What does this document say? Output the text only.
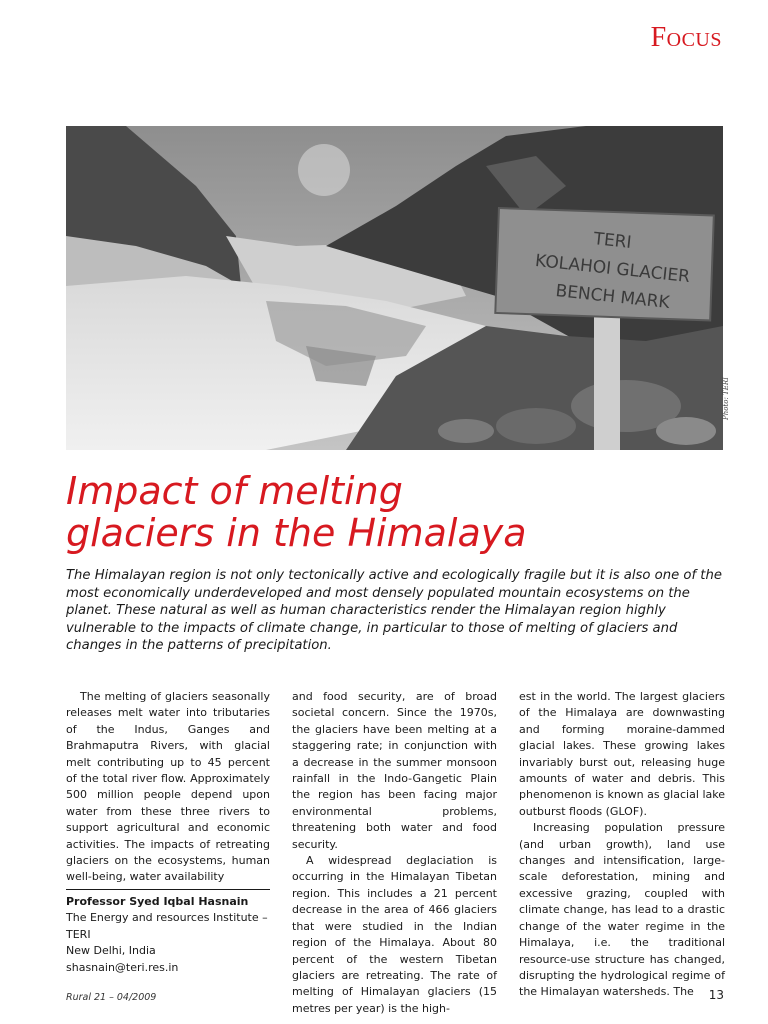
Focus
TERI
KOLAHOI GLACIER
BENCH MARK
Photo: TERI
Impact of melting
glaciers in the Himalaya

The Himalayan region is not only tectonically active and ecologically fragile but it is also one of the most economically underdeveloped and most densely populated mountain ecosystems on the planet. These natural as well as human characteristics render the Himalayan region highly vulnerable to the impacts of climate change, in particular to those of melting of glaciers and changes in the patterns of precipitation.

The melting of glaciers seasonally releases melt water into tributaries of the Indus, Ganges and Brahmaputra Rivers, with glacial melt contributing up to 45 percent of the total river flow. Approximately 500 million people depend upon water from these three rivers to support agricultural and economic activities. The impacts of retreating glaciers on the ecosystems, human well-being, water availability

Professor Syed Iqbal Hasnain
The Energy and resources Institute – TERI
New Delhi, India
shasnain@teri.res.in

and food security, are of broad societal concern. Since the 1970s, the glaciers have been melting at a staggering rate; in conjunction with a decrease in the summer monsoon rainfall in the Indo-Gangetic Plain the region has been facing major environmental problems, threatening both water and food security.

A widespread deglaciation is occurring in the Himalayan Tibetan region. This includes a 21 percent decrease in the area of 466 glaciers that were studied in the Indian region of the Himalaya. About 80 percent of the western Tibetan glaciers are retreating. The rate of melting of Himalayan glaciers (15 metres per year) is the high-

est in the world. The largest glaciers of the Himalaya are downwasting and forming moraine-dammed glacial lakes. These growing lakes invariably burst out, releasing huge amounts of water and debris. This phenomenon is known as glacial lake outburst floods (GLOF).

Increasing population pressure (and urban growth), land use changes and intensification, large-scale deforestation, mining and excessive grazing, coupled with climate change, has lead to a drastic change of the water regime in the Himalaya, i.e. the traditional resource-use structure has changed, disrupting the hydrological regime of the Himalayan watersheds. The

Rural 21 – 04/2009	13
